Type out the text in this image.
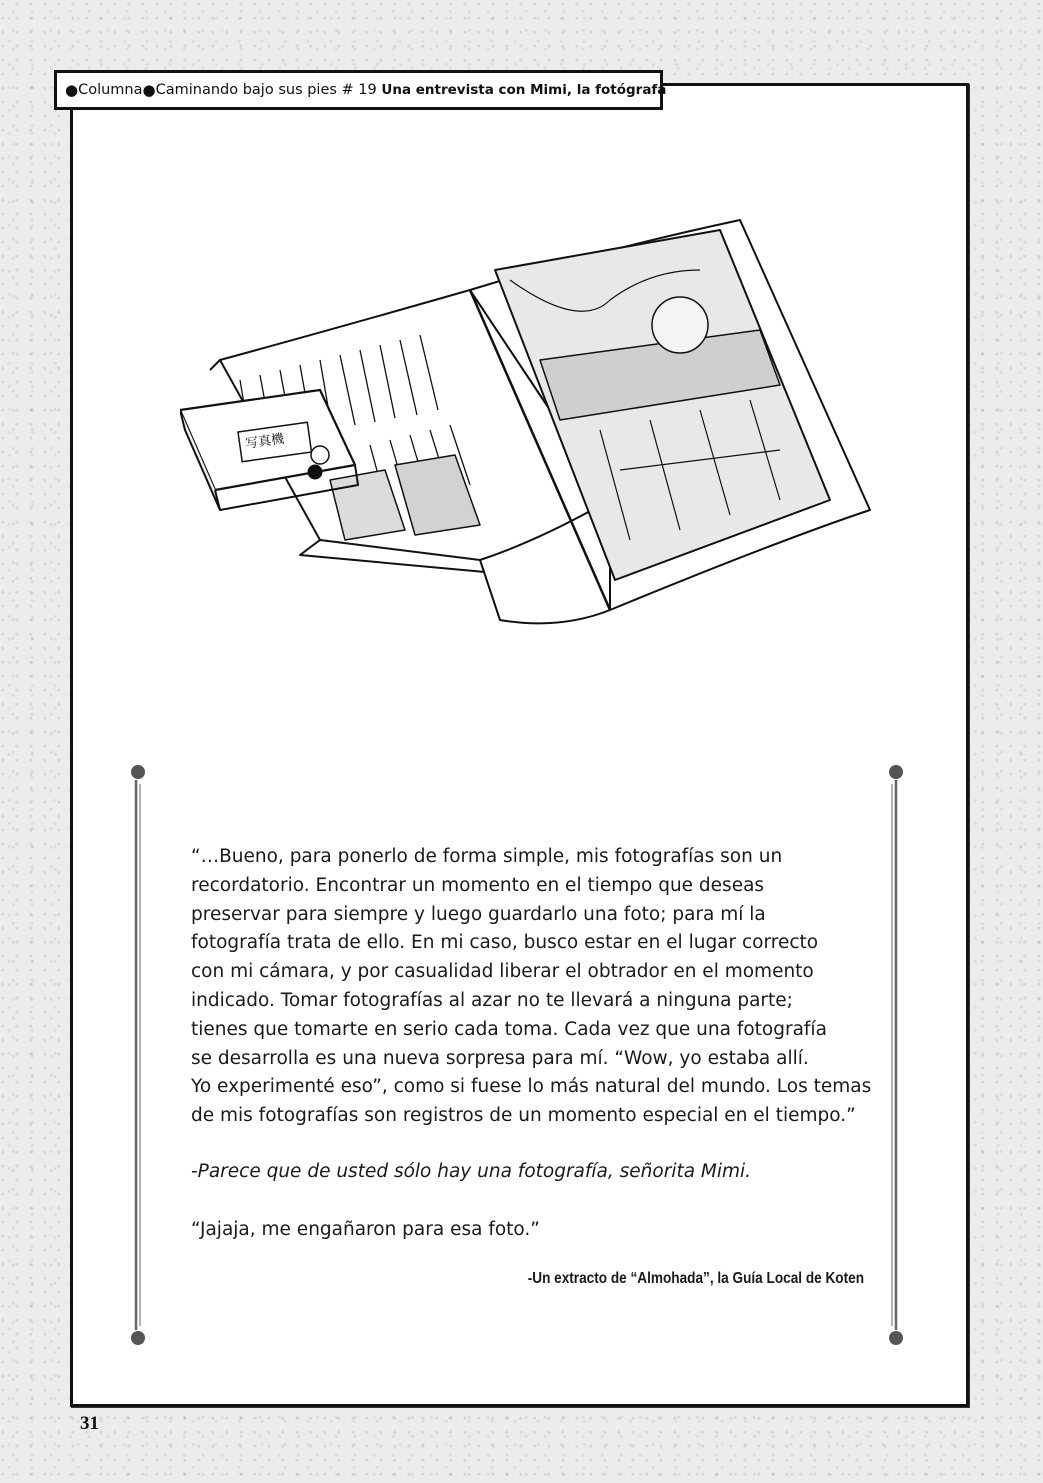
● Columna ● Caminando bajo sus pies # 19
Una entrevista con Mimi, la fotógrafa
写真機

“…Bueno, para ponerlo de forma simple, mis fotografías son un

recordatorio. Encontrar un momento en el tiempo que deseas

preservar para siempre y luego guardarlo una foto; para mí la

fotografía trata de ello. En mi caso, busco estar en el lugar correcto

con mi cámara, y por casualidad liberar el obtrador en el momento

indicado. Tomar fotografías al azar no te llevará a ninguna parte;

tienes que tomarte en serio cada toma. Cada vez que una fotografía

se desarrolla es una nueva sorpresa para mí. “Wow, yo estaba allí.

Yo experimenté eso”, como si fuese lo más natural del mundo. Los temas

de mis fotografías son registros de un momento especial en el tiempo.”

-Parece que de usted sólo hay una fotografía, señorita Mimi.
“Jajaja, me engañaron para esa foto.”
-Un extracto de “Almohada”, la Guía Local de Koten
31
